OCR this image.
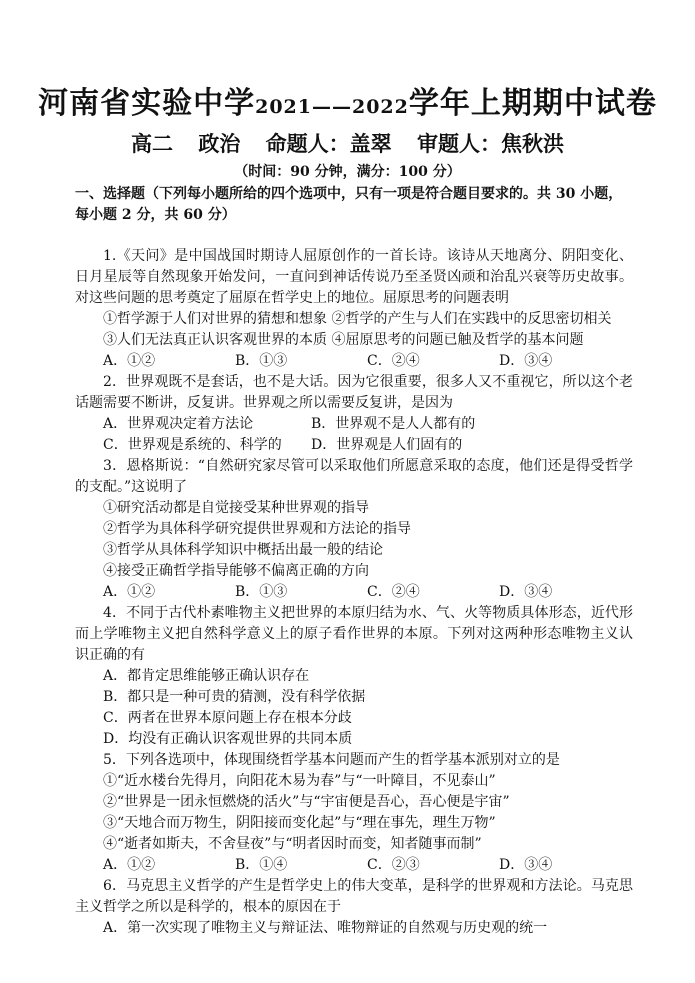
河南省实验中学2021——2022学年上期期中试卷
高二 政治 命题人：盖翠 审题人：焦秋洪
（时间：90 分钟，满分：100 分）
一、选择题（下列每小题所给的四个选项中，只有一项是符合题目要求的。共 30 小题，每小题 2 分，共 60 分）

1.《天问》是中国战国时期诗人屈原创作的一首长诗。该诗从天地离分、阴阳变化、日月星辰等自然现象开始发问，一直问到神话传说乃至圣贤凶顽和治乱兴衰等历史故事。对这些问题的思考奠定了屈原在哲学史上的地位。屈原思考的问题表明

①哲学源于人们对世界的猜想和想象 ②哲学的产生与人们在实践中的反思密切相关

③人们无法真正认识客观世界的本质 ④屈原思考的问题已触及哲学的基本问题

A．①②	B．①③	C．②④	D．③④

2．世界观既不是套话，也不是大话。因为它很重要，很多人又不重视它，所以这个老话题需要不断讲，反复讲。世界观之所以需要反复讲，是因为

A．世界观决定着方法论	B．世界观不是人人都有的
C．世界观是系统的、科学的	D．世界观是人们固有的

3．恩格斯说：“自然研究家尽管可以采取他们所愿意采取的态度，他们还是得受哲学的支配。”这说明了

①研究活动都是自觉接受某种世界观的指导

②哲学为具体科学研究提供世界观和方法论的指导

③哲学从具体科学知识中概括出最一般的结论

④接受正确哲学指导能够不偏离正确的方向

A．①②	B．①③	C．②④	D．③④

4．不同于古代朴素唯物主义把世界的本原归结为水、气、火等物质具体形态，近代形而上学唯物主义把自然科学意义上的原子看作世界的本原。下列对这两种形态唯物主义认识正确的有

A．都肯定思维能够正确认识存在

B．都只是一种可贵的猜测，没有科学依据

C．两者在世界本原问题上存在根本分歧

D．均没有正确认识客观世界的共同本质

5．下列各选项中，体现围绕哲学基本问题而产生的哲学基本派别对立的是

①“近水楼台先得月，向阳花木易为春”与“一叶障目，不见泰山”

②“世界是一团永恒燃烧的活火”与“宇宙便是吾心，吾心便是宇宙”

③“天地合而万物生，阴阳接而变化起”与“理在事先，理生万物”

④“逝者如斯夫，不舍昼夜”与“明者因时而变，知者随事而制”

A．①②	B．①④	C．②③	D．③④

6．马克思主义哲学的产生是哲学史上的伟大变革，是科学的世界观和方法论。马克思主义哲学之所以是科学的，根本的原因在于

A．第一次实现了唯物主义与辩证法、唯物辩证的自然观与历史观的统一
